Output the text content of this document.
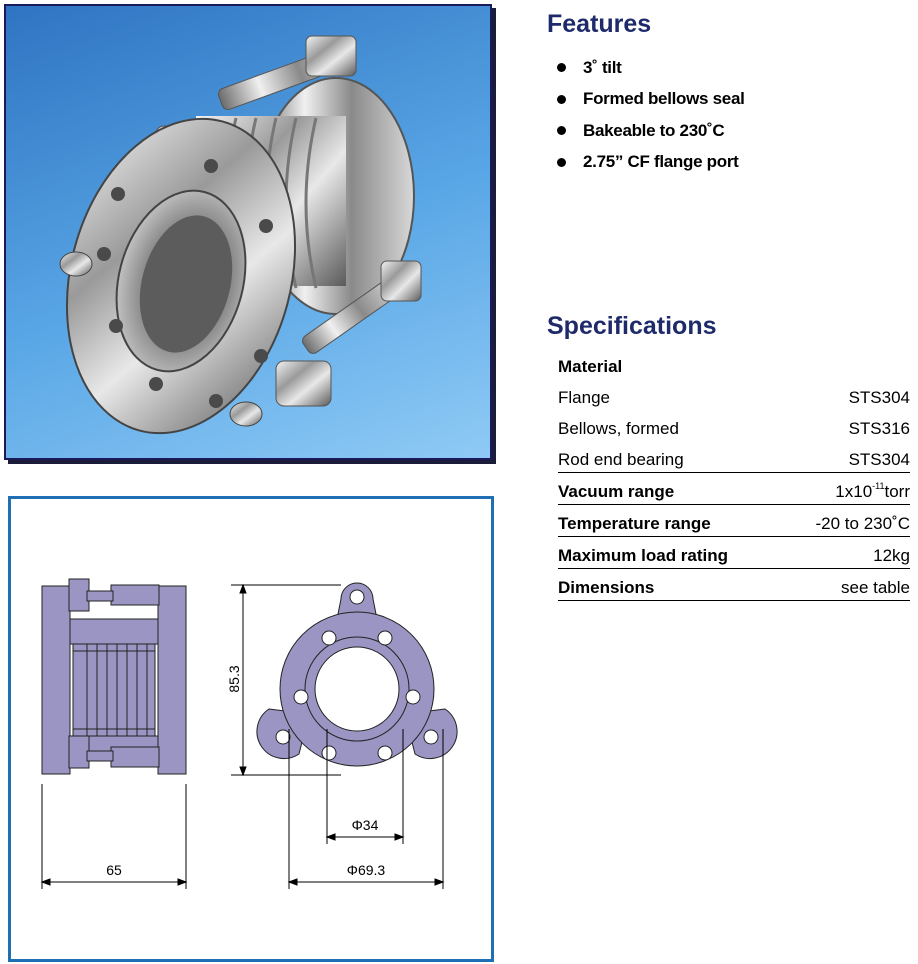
65
85.3
Φ34
Φ69.3
Features
3˚ tilt
Formed bellows seal
Bakeable to 230˚C
2.75” CF flange port
Specifications
Material
Flange	STS304
Bellows, formed	STS316
Rod end bearing	STS304
Vacuum range	$1x10^{-11}torr$
Temperature range	-20 to 230˚C
Maximum load rating	12kg
Dimensions	see table
